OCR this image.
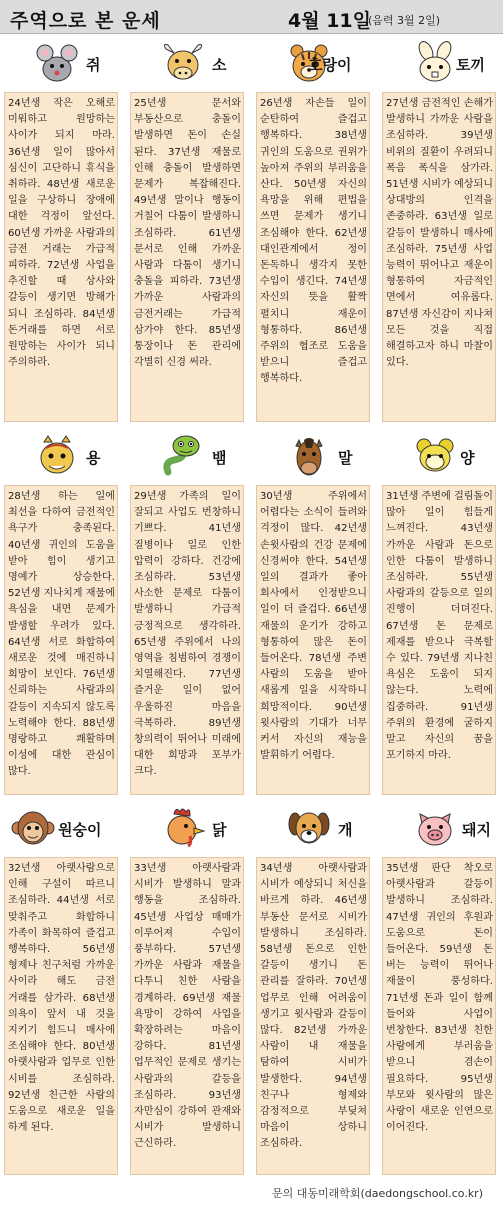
주역으로 본 운세	4월 11일
(음력 3월 2일)
쥐
24년생 작은 오해로 미워하고 원망하는 사이가 되지 마라. 36년생 일이 많아서 심신이 고단하니 휴식을 취하라. 48년생 새로운 일을 구상하니 장애에 대한 걱정이 앞선다. 60년생 가까운 사람과의 금전 거래는 가급적 피하라. 72년생 사업을 추진할 때 상사와 갈등이 생기면 방해가 되니 조심하라. 84년생 돈거래를 하면 서로 원망하는 사이가 되니 주의하라.
소
25년생 문서와 부동산으로 충돌이 발생하면 돈이 손실 된다. 37년생 재물로 인해 충돌이 발생하면 문제가 복잡해진다. 49년생 말이나 행동이 거칠어 다툼이 발생하니 조심하라. 61년생 문서로 인해 가까운 사람과 다툼이 생기니 충돌을 피하라. 73년생 가까운 사람과의 금전거래는 가급적 삼가야 한다. 85년생 통장이나 돈 관리에 각별히 신경 써라.
호랑이
26년생 자손들 일이 순탄하여 즐겁고 행복하다. 38년생 귀인의 도움으로 권위가 높아져 주위의 부러움을 산다. 50년생 자신의 욕망을 위해 편법을 쓰면 문제가 생기니 조심해야 한다. 62년생 대인관계에서 정이 돈독하니 생각지 못한 수입이 생긴다. 74년생 자신의 뜻을 활짝 펼치니 재운이 형통하다. 86년생 주위의 협조로 도움을 받으니 즐겁고 행복하다.
토끼
27년생 금전적인 손해가 발생하니 가까운 사람을 조심하라. 39년생 비위의 질환이 우려되니 폭음 폭식을 삼가라. 51년생 시비가 예상되니 상대방의 인격을 존중하라. 63년생 일로 갈등이 발생하니 매사에 조심하라. 75년생 사업 능력이 뛰어나고 재운이 형통하여 자금적인 면에서 여유롭다. 87년생 자신감이 지나쳐 모든 것을 직접 해결하고자 하니 마찰이 있다.
용
28년생 하는 일에 최선을 다하여 금전적인 욕구가 충족된다. 40년생 귀인의 도움을 받아 힘이 생기고 명예가 상승한다. 52년생 지나치게 재물에 욕심을 내면 문제가 발생할 우려가 있다. 64년생 서로 화합하여 새로운 것에 매진하니 희망이 보인다. 76년생 신뢰하는 사람과의 갈등이 지속되지 않도록 노력해야 한다. 88년생 명랑하고 쾌활하며 이성에 대한 관심이 많다.
뱀
29년생 가족의 일이 잘되고 사업도 번창하니 기쁘다. 41년생 질병이나 일로 인한 압력이 강하다. 건강에 조심하라. 53년생 사소한 문제로 다툼이 발생하니 가급적 긍정적으로 생각하라. 65년생 주위에서 나의 영역을 침범하여 경쟁이 치열해진다. 77년생 즐거운 일이 없어 우울하진 마음을 극복하라. 89년생 창의력이 뛰어나 미래에 대한 희망과 포부가 크다.
말
30년생 주위에서 어렵다는 소식이 들려와 걱정이 많다. 42년생 손윗사람의 건강 문제에 신경써야 한다. 54년생 일의 결과가 좋아 회사에서 인정받으니 일이 더 즐겁다. 66년생 재물의 운기가 강하고 형통하여 많은 돈이 들어온다. 78년생 주변 사람의 도움을 받아 새롭게 일을 시작하니 희망적이다. 90년생 윗사람의 기대가 너무 커서 자신의 재능을 발휘하기 어렵다.
양
31년생 주변에 걸림돌이 많아 일이 힘들게 느껴진다. 43년생 가까운 사람과 돈으로 인한 다툼이 발생하니 조심하라. 55년생 사람과의 갈등으로 일의 진행이 더뎌진다. 67년생 돈 문제로 제재를 받으나 극복할 수 있다. 79년생 지나친 욕심은 도움이 되지 않는다. 노력에 집중하라. 91년생 주위의 환경에 굴하지 말고 자신의 꿈을 포기하지 마라.
원숭이
32년생 아랫사람으로 인해 구설이 따르니 조심하라. 44년생 서로 맞춰주고 화합하니 가족이 화목하여 즐겁고 행복하다. 56년생 형제나 친구처럼 가까운 사이라 해도 금전 거래를 삼가라. 68년생 의욕이 앞서 내 것을 지키기 힘드니 매사에 조심해야 한다. 80년생 아랫사람과 업무로 인한 시비를 조심하라. 92년생 친근한 사람의 도움으로 새로운 일을 하게 된다.
닭
33년생 아랫사람과 시비가 발생하니 말과 행동을 조심하라. 45년생 사업상 매매가 이루어져 수입이 풍부하다. 57년생 가까운 사람과 재물을 다투니 친한 사람을 경계하라. 69년생 재물 욕망이 강하여 사업을 확장하려는 마음이 강하다. 81년생 업무적인 문제로 생기는 사람과의 갈등을 조심하라. 93년생 자만심이 강하여 관재와 시비가 발생하니 근신하라.
개
34년생 아랫사람과 시비가 예상되니 처신을 바르게 하라. 46년생 부동산 문서로 시비가 발생하니 조심하라. 58년생 돈으로 인한 갈등이 생기니 돈 관리를 잘하라. 70년생 업무로 인해 어려움이 생기고 윗사람과 갈등이 많다. 82년생 가까운 사람이 내 재물을 탐하여 시비가 발생한다. 94년생 친구나 형제와 감정적으로 부딪쳐 마음이 상하니 조심하라.
돼지
35년생 판단 착오로 아랫사람과 갈등이 발생하니 조심하라. 47년생 귀인의 후원과 도움으로 돈이 들어온다. 59년생 돈 버는 능력이 뛰어나 재물이 풍성하다. 71년생 돈과 일이 함께 들어와 사업이 번창한다. 83년생 친한 사람에게 부러움을 받으니 겸손이 필요하다. 95년생 부모와 윗사람의 많은 사랑이 새로운 인연으로 이어진다.
문의 대동미래학회(daedongschool.co.kr)
